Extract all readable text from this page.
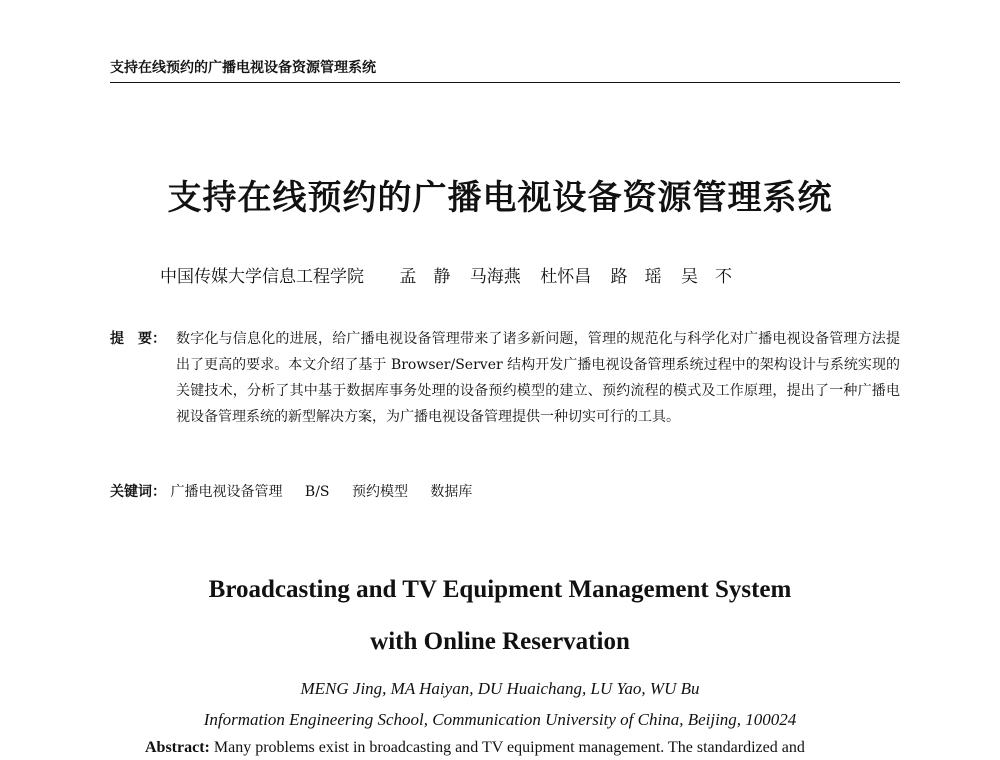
支持在线预约的广播电视设备资源管理系统
支持在线预约的广播电视设备资源管理系统
中国传媒大学信息工程学院 孟　静 马海燕 杜怀昌 路　瑶 吴　不
提　要： 数字化与信息化的进展，给广播电视设备管理带来了诸多新问题，管理的规范化与科学化对广播电视设备管理方法提出了更高的要求。本文介绍了基于 Browser/Server 结构开发广播电视设备管理系统过程中的架构设计与系统实现的关键技术，分析了其中基于数据库事务处理的设备预约模型的建立、预约流程的模式及工作原理，提出了一种广播电视设备管理系统的新型解决方案，为广播电视设备管理提供一种切实可行的工具。
关键词： 广播电视设备管理 B/S 预约模型 数据库
Broadcasting and TV Equipment Management System
with Online Reservation
MENG Jing, MA Haiyan, DU Huaichang, LU Yao, WU Bu
Information Engineering School, Communication University of China, Beijing, 100024
Abstract: Many problems exist in broadcasting and TV equipment management. The standardized and
